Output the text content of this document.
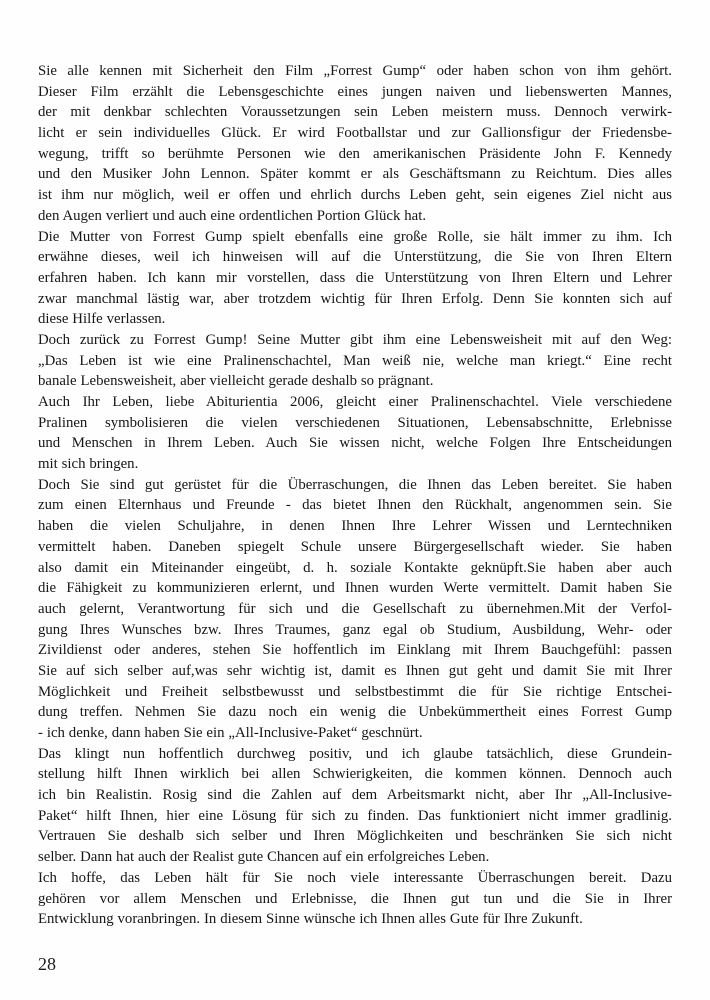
Sie alle kennen mit Sicherheit den Film „Forrest Gump“ oder haben schon von ihm gehört.
Dieser Film erzählt die Lebensgeschichte eines jungen naiven und liebenswerten Mannes,
der mit denkbar schlechten Voraussetzungen sein Leben meistern muss. Dennoch verwirk-
licht er sein individuelles Glück. Er wird Footballstar und zur Gallionsfigur der Friedensbe-
wegung, trifft so berühmte Personen wie den amerikanischen Präsidente John F. Kennedy
und den Musiker John Lennon. Später kommt er als Geschäftsmann zu Reichtum. Dies alles
ist ihm nur möglich, weil er offen und ehrlich durchs Leben geht, sein eigenes Ziel nicht aus
den Augen verliert und auch eine ordentlichen Portion Glück hat.
Die Mutter von Forrest Gump spielt ebenfalls eine große Rolle, sie hält immer zu ihm. Ich
erwähne dieses, weil ich hinweisen will auf die Unterstützung, die Sie von Ihren Eltern
erfahren haben. Ich kann mir vorstellen, dass die Unterstützung von Ihren Eltern und Lehrer
zwar manchmal lästig war, aber trotzdem wichtig für Ihren Erfolg. Denn Sie konnten sich auf
diese Hilfe verlassen.
Doch zurück zu Forrest Gump! Seine Mutter gibt ihm eine Lebensweisheit mit auf den Weg:
„Das Leben ist wie eine Pralinenschachtel, Man weiß nie, welche man kriegt.“ Eine recht
banale Lebensweisheit, aber vielleicht gerade deshalb so prägnant.
Auch Ihr Leben, liebe Abiturientia 2006, gleicht einer Pralinenschachtel. Viele verschiedene
Pralinen symbolisieren die vielen verschiedenen Situationen, Lebensabschnitte, Erlebnisse
und Menschen in Ihrem Leben. Auch Sie wissen nicht, welche Folgen Ihre Entscheidungen
mit sich bringen.
Doch Sie sind gut gerüstet für die Überraschungen, die Ihnen das Leben bereitet. Sie haben
zum einen Elternhaus und Freunde - das bietet Ihnen den Rückhalt, angenommen sein. Sie
haben die vielen Schuljahre, in denen Ihnen Ihre Lehrer Wissen und Lerntechniken
vermittelt haben. Daneben spiegelt Schule unsere Bürgergesellschaft wieder. Sie haben
also damit ein Miteinander eingeübt, d. h. soziale Kontakte geknüpft.Sie haben aber auch
die Fähigkeit zu kommunizieren erlernt, und Ihnen wurden Werte vermittelt. Damit haben Sie
auch gelernt, Verantwortung für sich und die Gesellschaft zu übernehmen.Mit der Verfol-
gung Ihres Wunsches bzw. Ihres Traumes, ganz egal ob Studium, Ausbildung, Wehr- oder
Zivildienst oder anderes, stehen Sie hoffentlich im Einklang mit Ihrem Bauchgefühl: passen
Sie auf sich selber auf,was sehr wichtig ist, damit es Ihnen gut geht und damit Sie mit Ihrer
Möglichkeit und Freiheit selbstbewusst und selbstbestimmt die für Sie richtige Entschei-
dung treffen. Nehmen Sie dazu noch ein wenig die Unbekümmertheit eines Forrest Gump
- ich denke, dann haben Sie ein „All-Inclusive-Paket“ geschnürt.
Das klingt nun hoffentlich durchweg positiv, und ich glaube tatsächlich, diese Grundein-
stellung hilft Ihnen wirklich bei allen Schwierigkeiten, die kommen können. Dennoch auch
ich bin Realistin. Rosig sind die Zahlen auf dem Arbeitsmarkt nicht, aber Ihr „All-Inclusive-
Paket“ hilft Ihnen, hier eine Lösung für sich zu finden. Das funktioniert nicht immer gradlinig.
Vertrauen Sie deshalb sich selber und Ihren Möglichkeiten und beschränken Sie sich nicht
selber. Dann hat auch der Realist gute Chancen auf ein erfolgreiches Leben.
Ich hoffe, das Leben hält für Sie noch viele interessante Überraschungen bereit. Dazu
gehören vor allem Menschen und Erlebnisse, die Ihnen gut tun und die Sie in Ihrer
Entwicklung voranbringen. In diesem Sinne wünsche ich Ihnen alles Gute für Ihre Zukunft.
28
